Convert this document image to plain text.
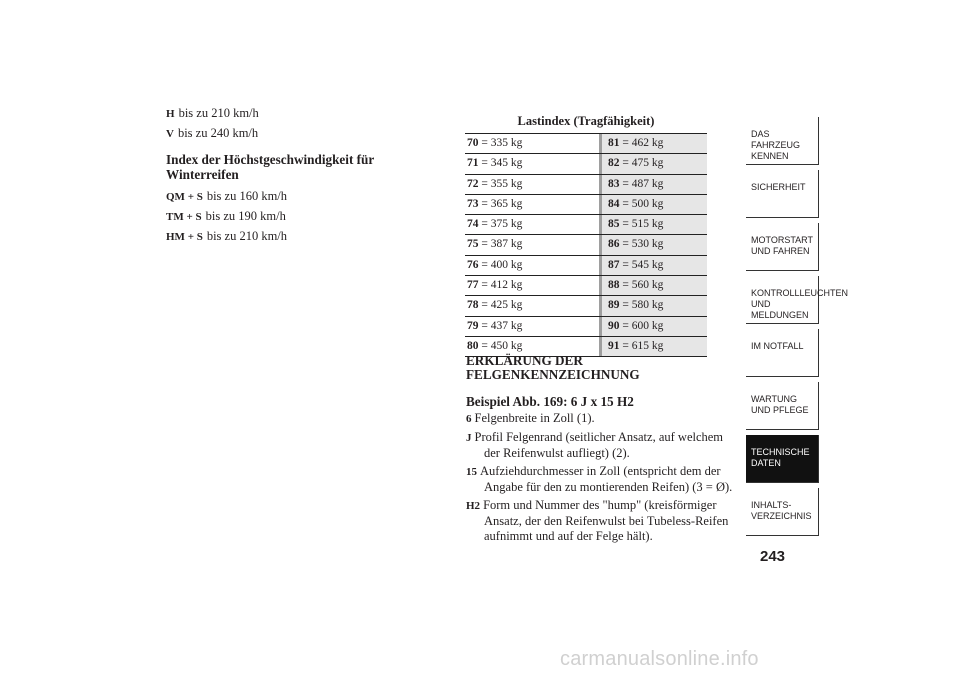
H bis zu 210 km/h
V bis zu 240 km/h
Index der Höchstgeschwindigkeit für Winterreifen
QM + S bis zu 160 km/h
TM + S bis zu 190 km/h
HM + S bis zu 210 km/h
Lastindex (Tragfähigkeit)
70 = 335 kg	81 = 462 kg
71 = 345 kg	82 = 475 kg
72 = 355 kg	83 = 487 kg
73 = 365 kg	84 = 500 kg
74 = 375 kg	85 = 515 kg
75 = 387 kg	86 = 530 kg
76 = 400 kg	87 = 545 kg
77 = 412 kg	88 = 560 kg
78 = 425 kg	89 = 580 kg
79 = 437 kg	90 = 600 kg
80 = 450 kg	91 = 615 kg
ERKLÄRUNG DER FELGENKENNZEICHNUNG
Beispiel Abb. 169: 6 J x 15 H2
6 Felgenbreite in Zoll (1).
J Profil Felgenrand (seitlicher Ansatz, auf welchem der Reifenwulst aufliegt) (2).
15 Aufziehdurchmesser in Zoll (entspricht dem der Angabe für den zu montierenden Reifen) (3 = Ø).
H2 Form und Nummer des "hump" (kreisförmiger Ansatz, der den Reifenwulst bei Tubeless-Reifen aufnimmt und auf der Felge hält).
DAS FAHRZEUG KENNEN
SICHERHEIT
MOTORSTART UND FAHREN
KONTROLLLEUCHTEN UND MELDUNGEN
IM NOTFALL
WARTUNG UND PFLEGE
TECHNISCHE DATEN
INHALTS-VERZEICHNIS
243
carmanualsonline.info
